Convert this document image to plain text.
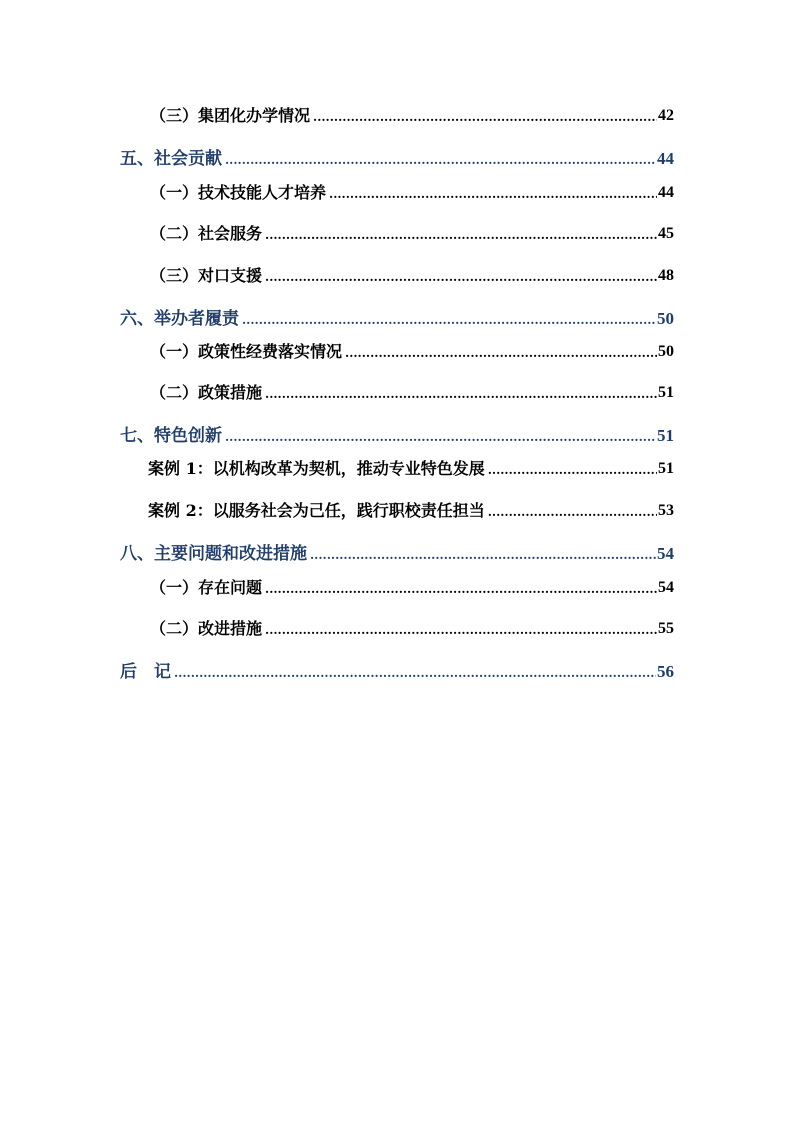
（三）集团化办学情况 .....	42
五、社会贡献 .....	44
（一）技术技能人才培养 .....	44
（二）社会服务 .....	45
（三）对口支援 .....	48
六、举办者履责 .....	50
（一）政策性经费落实情况 .....	50
（二）政策措施 .....	51
七、特色创新 .....	51
案例 1：以机构改革为契机，推动专业特色发展 .....	51
案例 2：以服务社会为己任，践行职校责任担当 .....	53
八、主要问题和改进措施 .....	54
（一）存在问题 .....	54
（二）改进措施 .....	55
后　记 .....	56
